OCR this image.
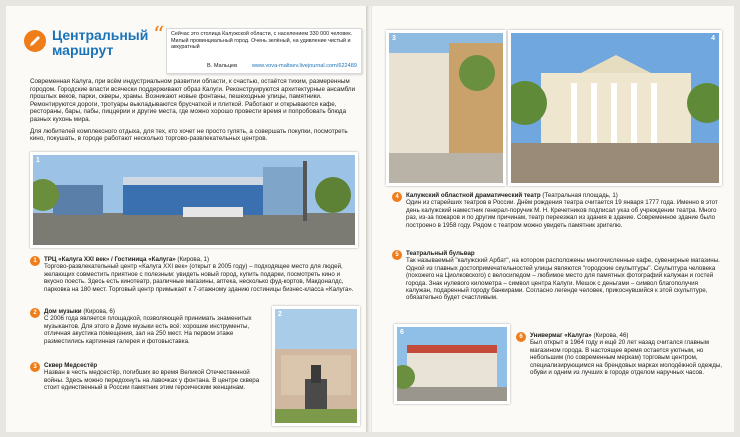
Центральный
маршрут
“ Сейчас это столица Калужской области, с населением 330 000 человек. Милый провинциальный город. Очень зелёный, на удивление чистый и аккуратный
В. Мальцев	www.vova-maltsev.livejournal.com/622489

Современная Калуга, при всём индустриальном развитии области, к счастью, остаётся тихим, размеренным городом. Городские власти всячески поддерживают образ Калуги. Реконструируются архитектурные ансамбли прошлых веков, парки, скверы, храмы. Возникают новые фонтаны, пешеходные улицы, памятники. Ремонтируются дороги, тротуары выкладываются брусчаткой и плиткой. Работают и открываются кафе, рестораны, бары, пабы, пиццерии и другие места, где можно хорошо провести время и попробовать блюда разных кухонь мира.

Для любителей комплексного отдыха, для тех, кто хочет не просто гулять, а совершать покупки, посмотреть кино, покушать, в городе работают несколько торгово-развлекательных центров.

1
1	ТРЦ «Калуга XXI век» / Гостиница «Калуга» (Кирова, 1)

Торгово-развлекательный центр «Калуга XXI век» (открыт в 2005 году) – подходящее место для людей, желающих совместить приятное с полезным: увидеть новый город, купить подарки, посмотреть кино и вкусно поесть. Здесь есть кинотеатр, различные магазины, аптека, несколько фуд-кортов, Макдоналдс, парковка на 180 мест. Торговый центр примыкает к 7-этажному зданию гостиницы бизнес-класса «Калуга».

2	Дом музыки (Кирова, 6)

С 2006 года является площадкой, позволяющей принимать знаменитых музыкантов. Для этого в Доме музыки есть всё: хорошие инструменты, отличная акустика помещения, зал на 250 мест. На первом этаже разместились картинная галерея и фотовыставка.

3	Сквер Медсестёр

Назван в честь медсестёр, погибших во время Великой Отечественной войны. Здесь можно передохнуть на лавочках у фонтана. В центре сквера стоит единственный в России памятник этим героическим женщинам.

2
3	4
4	Калужский областной драматический театр (Театральная площадь, 1)

Один из старейших театров в России. Днём рождения театра считается 19 января 1777 года. Именно в этот день калужский наместник генерал-поручик М. Н. Кречетников подписал указ об учреждении театра. Много раз, из-за пожаров и по другим причинам, театр переезжал из здания в здание. Современное здание было построено в 1958 году. Рядом с театром можно увидеть памятник зрителю.

5	Театральный бульвар

Так называемый "калужский Арбат", на котором расположены многочисленные кафе, сувенирные магазины. Одной из главных достопримечательностей улицы являются "городские скульптуры". Скульптура человека (похожего на Циолковского) с велосипедом – любимое место для памятных фотографий калужан и гостей города. Знак нулевого километра – символ центра Калуги. Мешок с деньгами – символ благополучия калужан, подаренный городу банкирами. Согласно легенде человек, прикоснувшийся к этой скульптуре, обязательно будет счастливым.

6
6	Универмаг «Калуга» (Кирова, 46)

Был открыт в 1964 году и ещё 20 лет назад считался главным магазином города. В настоящее время остается уютным, но небольшим (по современным меркам) торговым центром, специализирующимся на брендовых марках молодёжной одежды, обуви и одним из лучших в городе отделом наручных часов.
